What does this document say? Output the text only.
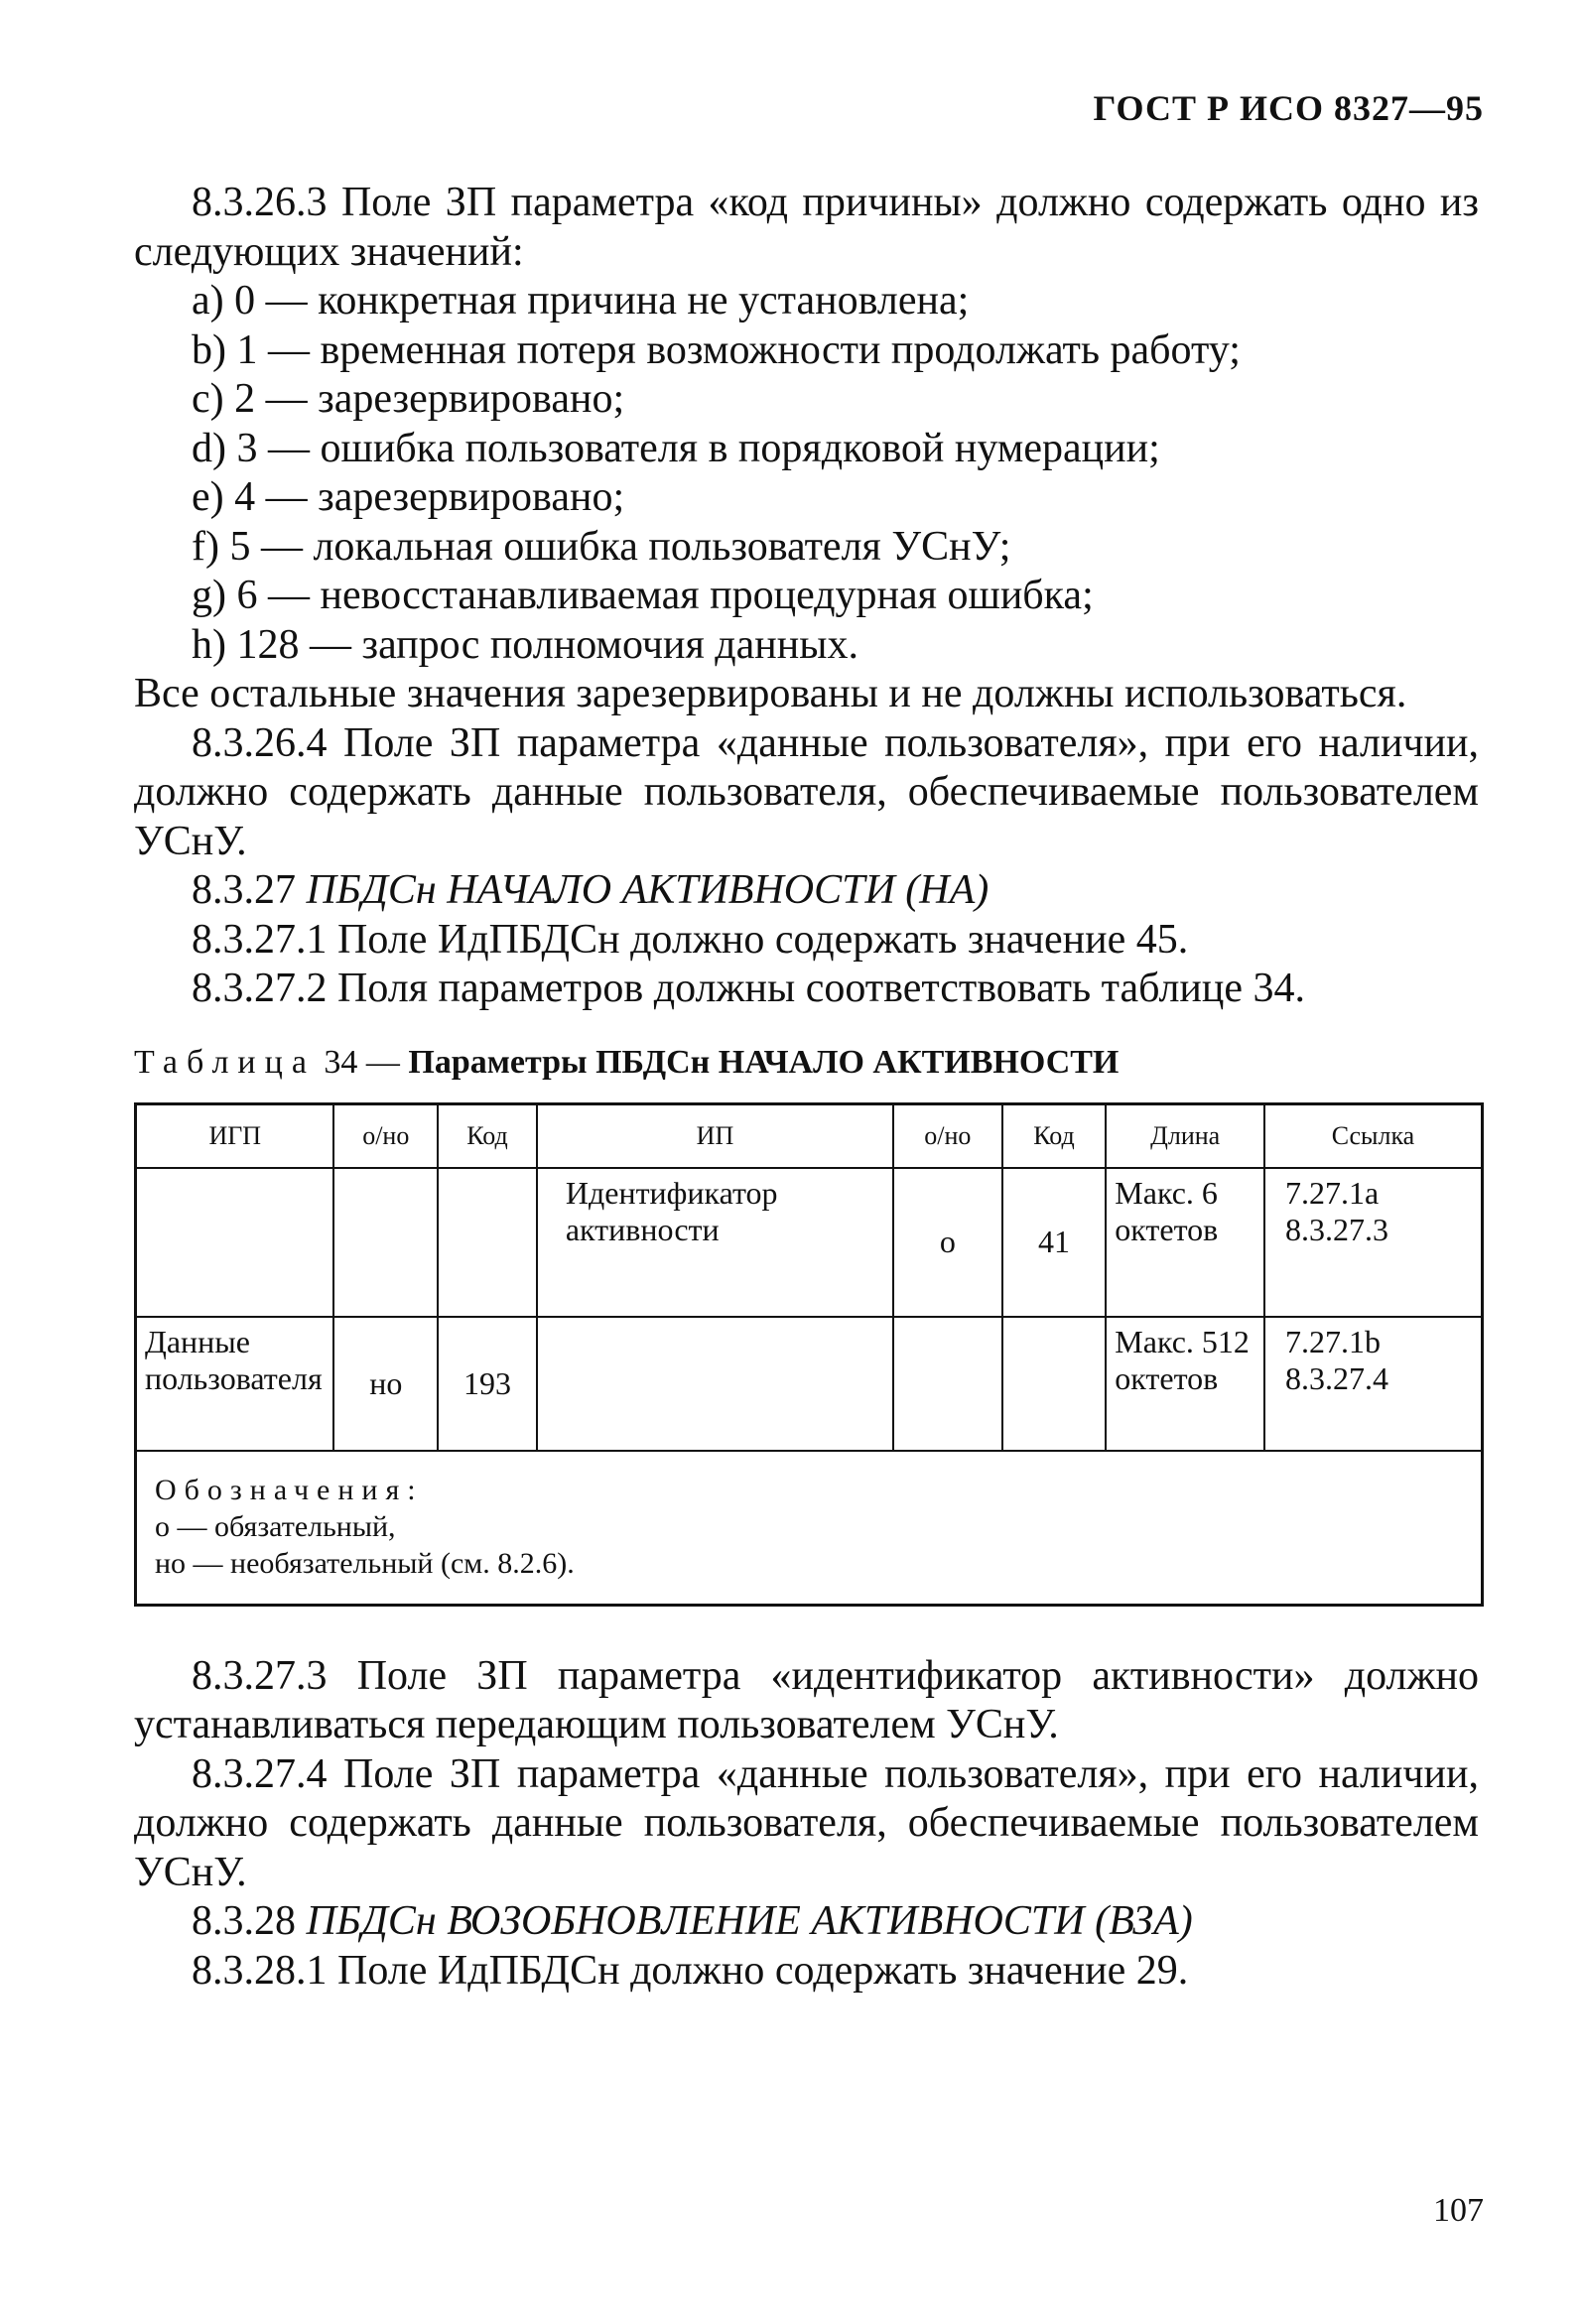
ГОСТ Р ИСО 8327—95

8.3.26.3 Поле ЗП параметра «код причины» должно содержать одно из следующих значений:

a) 0 — конкретная причина не установлена;

b) 1 — временная потеря возможности продолжать работу;

c) 2 — зарезервировано;

d) 3 — ошибка пользователя в порядковой нумерации;

e) 4 — зарезервировано;

f) 5 — локальная ошибка пользователя УСнУ;

g) 6 — невосстанавливаемая процедурная ошибка;

h) 128 — запрос полномочия данных.

Все остальные значения зарезервированы и не должны использоваться.

8.3.26.4 Поле ЗП параметра «данные пользователя», при его наличии, должно содержать данные пользователя, обеспечиваемые пользователем УСнУ.

8.3.27 ПБДСн НАЧАЛО АКТИВНОСТИ (НА)

8.3.27.1 Поле ИдПБДСн должно содержать значение 45.

8.3.27.2 Поля параметров должны соответствовать таблице 34.

Таблица 34 — Параметры ПБДСн НАЧАЛО АКТИВНОСТИ

ИГП	о/но	Код	ИП	о/но	Код	Длина	Ссылка
			Идентификатор активности	о	41	Макс. 6 октетов	7.27.1a 8.3.27.3
Данные пользователя	но	193				Макс. 512 октетов	7.27.1b 8.3.27.4

Обозначения:
о — обязательный,
но — необязательный (см. 8.2.6).							

8.3.27.3 Поле ЗП параметра «идентификатор активности» должно устанавливаться передающим пользователем УСнУ.

8.3.27.4 Поле ЗП параметра «данные пользователя», при его наличии, должно содержать данные пользователя, обеспечиваемые пользователем УСнУ.

8.3.28 ПБДСн ВОЗОБНОВЛЕНИЕ АКТИВНОСТИ (ВЗА)

8.3.28.1 Поле ИдПБДСн должно содержать значение 29.

107
